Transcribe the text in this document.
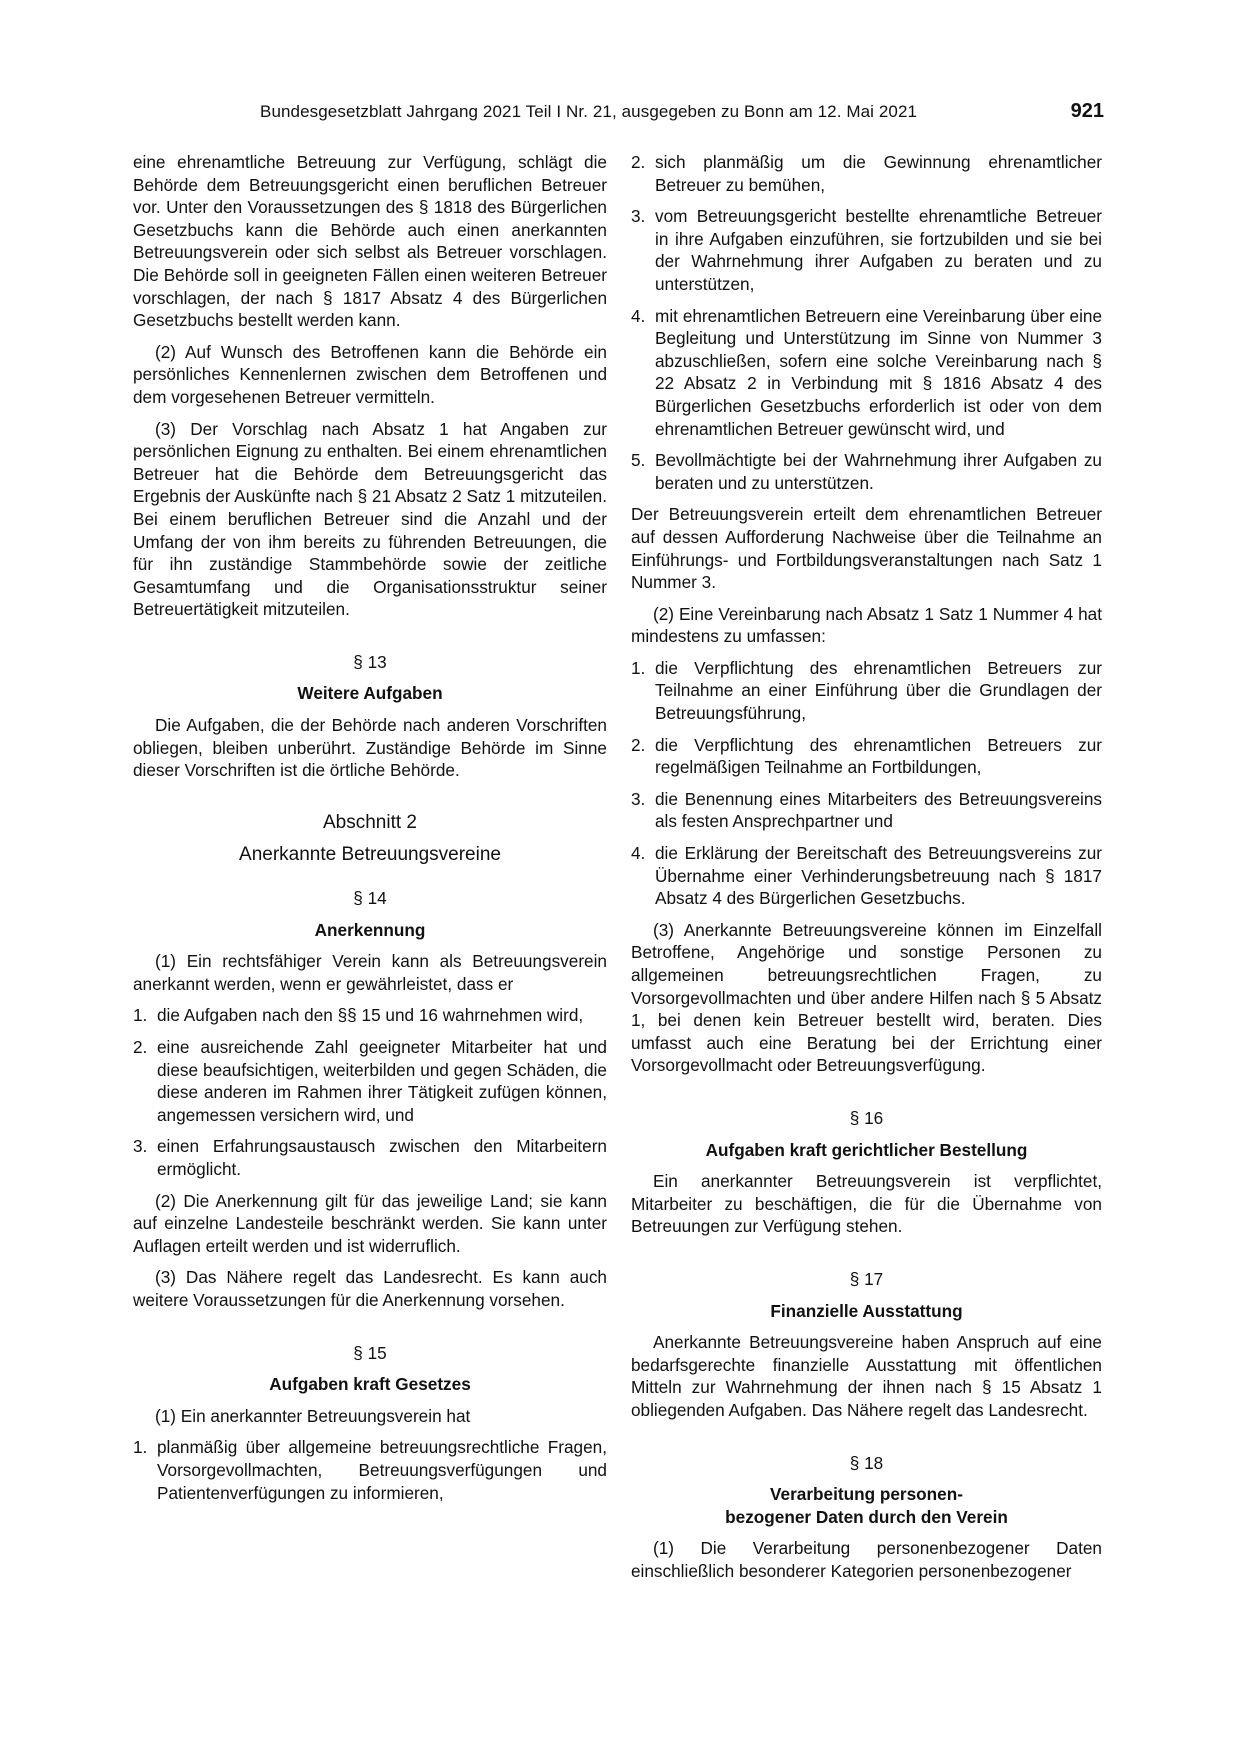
Bundesgesetzblatt Jahrgang 2021 Teil I Nr. 21, ausgegeben zu Bonn am 12. Mai 2021	921

eine ehrenamtliche Betreuung zur Verfügung, schlägt die Behörde dem Betreuungsgericht einen beruflichen Betreuer vor. Unter den Voraussetzungen des § 1818 des Bürgerlichen Gesetzbuchs kann die Behörde auch einen anerkannten Betreuungsverein oder sich selbst als Betreuer vorschlagen. Die Behörde soll in geeigneten Fällen einen weiteren Betreuer vorschlagen, der nach § 1817 Absatz 4 des Bürgerlichen Gesetzbuchs bestellt werden kann.

(2) Auf Wunsch des Betroffenen kann die Behörde ein persönliches Kennenlernen zwischen dem Betroffenen und dem vorgesehenen Betreuer vermitteln.

(3) Der Vorschlag nach Absatz 1 hat Angaben zur persönlichen Eignung zu enthalten. Bei einem ehrenamtlichen Betreuer hat die Behörde dem Betreuungsgericht das Ergebnis der Auskünfte nach § 21 Absatz 2 Satz 1 mitzuteilen. Bei einem beruflichen Betreuer sind die Anzahl und der Umfang der von ihm bereits zu führenden Betreuungen, die für ihn zuständige Stammbehörde sowie der zeitliche Gesamtumfang und die Organisationsstruktur seiner Betreuertätigkeit mitzuteilen.

§ 13
Weitere Aufgaben

Die Aufgaben, die der Behörde nach anderen Vorschriften obliegen, bleiben unberührt. Zuständige Behörde im Sinne dieser Vorschriften ist die örtliche Behörde.

Abschnitt 2
Anerkannte Betreuungsvereine
§ 14
Anerkennung

(1) Ein rechtsfähiger Verein kann als Betreuungsverein anerkannt werden, wenn er gewährleistet, dass er

1. die Aufgaben nach den §§ 15 und 16 wahrnehmen wird,
2. eine ausreichende Zahl geeigneter Mitarbeiter hat und diese beaufsichtigen, weiterbilden und gegen Schäden, die diese anderen im Rahmen ihrer Tätigkeit zufügen können, angemessen versichern wird, und
3. einen Erfahrungsaustausch zwischen den Mitarbeitern ermöglicht.

(2) Die Anerkennung gilt für das jeweilige Land; sie kann auf einzelne Landesteile beschränkt werden. Sie kann unter Auflagen erteilt werden und ist widerruflich.

(3) Das Nähere regelt das Landesrecht. Es kann auch weitere Voraussetzungen für die Anerkennung vorsehen.

§ 15
Aufgaben kraft Gesetzes

(1) Ein anerkannter Betreuungsverein hat

1. planmäßig über allgemeine betreuungsrechtliche Fragen, Vorsorgevollmachten, Betreuungsverfügungen und Patientenverfügungen zu informieren,
2. sich planmäßig um die Gewinnung ehrenamtlicher Betreuer zu bemühen,
3. vom Betreuungsgericht bestellte ehrenamtliche Betreuer in ihre Aufgaben einzuführen, sie fortzubilden und sie bei der Wahrnehmung ihrer Aufgaben zu beraten und zu unterstützen,
4. mit ehrenamtlichen Betreuern eine Vereinbarung über eine Begleitung und Unterstützung im Sinne von Nummer 3 abzuschließen, sofern eine solche Vereinbarung nach § 22 Absatz 2 in Verbindung mit § 1816 Absatz 4 des Bürgerlichen Gesetzbuchs erforderlich ist oder von dem ehrenamtlichen Betreuer gewünscht wird, und
5. Bevollmächtigte bei der Wahrnehmung ihrer Aufgaben zu beraten und zu unterstützen.

Der Betreuungsverein erteilt dem ehrenamtlichen Betreuer auf dessen Aufforderung Nachweise über die Teilnahme an Einführungs- und Fortbildungsveranstaltungen nach Satz 1 Nummer 3.

(2) Eine Vereinbarung nach Absatz 1 Satz 1 Nummer 4 hat mindestens zu umfassen:

1. die Verpflichtung des ehrenamtlichen Betreuers zur Teilnahme an einer Einführung über die Grundlagen der Betreuungsführung,
2. die Verpflichtung des ehrenamtlichen Betreuers zur regelmäßigen Teilnahme an Fortbildungen,
3. die Benennung eines Mitarbeiters des Betreuungsvereins als festen Ansprechpartner und
4. die Erklärung der Bereitschaft des Betreuungsvereins zur Übernahme einer Verhinderungsbetreuung nach § 1817 Absatz 4 des Bürgerlichen Gesetzbuchs.

(3) Anerkannte Betreuungsvereine können im Einzelfall Betroffene, Angehörige und sonstige Personen zu allgemeinen betreuungsrechtlichen Fragen, zu Vorsorgevollmachten und über andere Hilfen nach § 5 Absatz 1, bei denen kein Betreuer bestellt wird, beraten. Dies umfasst auch eine Beratung bei der Errichtung einer Vorsorgevollmacht oder Betreuungsverfügung.

§ 16
Aufgaben kraft gerichtlicher Bestellung

Ein anerkannter Betreuungsverein ist verpflichtet, Mitarbeiter zu beschäftigen, die für die Übernahme von Betreuungen zur Verfügung stehen.

§ 17
Finanzielle Ausstattung

Anerkannte Betreuungsvereine haben Anspruch auf eine bedarfsgerechte finanzielle Ausstattung mit öffentlichen Mitteln zur Wahrnehmung der ihnen nach § 15 Absatz 1 obliegenden Aufgaben. Das Nähere regelt das Landesrecht.

§ 18
Verarbeitung personen-
bezogener Daten durch den Verein

(1) Die Verarbeitung personenbezogener Daten einschließlich besonderer Kategorien personenbezogener
